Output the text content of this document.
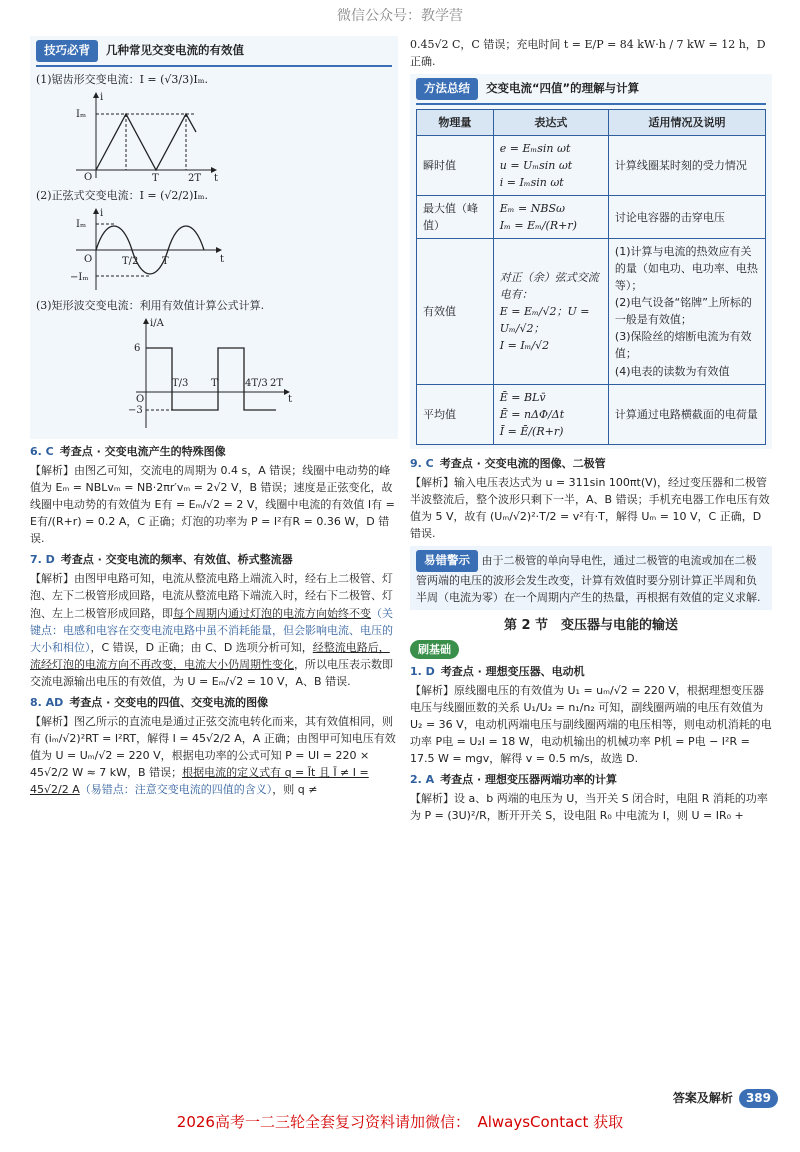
微信公众号：教学营
技巧必背	几种常见交变电流的有效值

(1)锯齿形交变电流：I = (√3/3)Iₘ.

i
Iₘ
O	T	2T t

(2)正弦式交变电流：I = (√2/2)Iₘ.

i
Iₘ
−Iₘ
O	T/2 T	t

(3)矩形波交变电流：利用有效值计算公式计算.

i/A
6
−3
O
T/3 T	4T/3 2T
t

6. C 考查点 · 交变电流产生的特殊图像

【解析】由图乙可知，交流电的周期为 0.4 s，A 错误；线圈中电动势的峰值为 Eₘ = NBLvₘ = NB·2πr′vₘ = 2√2 V，B 错误；速度是正弦变化，故线圈中电动势的有效值为 E有 = Eₘ/√2 = 2 V，线圈中电流的有效值 I有 = E有/(R+r) = 0.2 A，C 正确；灯泡的功率为 P = I²有R = 0.36 W，D 错误.

7. D 考查点 · 交变电流的频率、有效值、桥式整流器

【解析】由图甲电路可知，电流从整流电路上端流入时，经右上二极管、灯泡、左下二极管形成回路，电流从整流电路下端流入时，经右下二极管、灯泡、左上二极管形成回路，即每个周期内通过灯泡的电流方向始终不变（关键点：电感和电容在交变电流电路中虽不消耗能量，但会影响电流、电压的大小和相位），C 错误，D 正确；由 C、D 选项分析可知，经整流电路后，流经灯泡的电流方向不再改变，电流大小仍周期性变化，所以电压表示数即交流电源输出电压的有效值，为 U = Eₘ/√2 = 10 V，A、B 错误.

8. AD 考查点 · 交变电的四值、交变电流的图像

【解析】图乙所示的直流电是通过正弦交流电转化而来，其有效值相同，则有 (iₘ/√2)²RT = I²RT，解得 I = 45√2/2 A，A 正确；由图甲可知电压有效值为 U = Uₘ/√2 = 220 V，根据电功率的公式可知 P = UI = 220 × 45√2/2 W ≈ 7 kW，B 错误；根据电流的定义式有 q = Īt 且 Ī ≠ I = 45√2/2 A（易错点：注意交变电流的四值的含义），则 q ≠

0.45√2 C，C 错误；充电时间 t = E/P = 84 kW·h / 7 kW = 12 h，D 正确.

方法总结	交变电流“四值”的理解与计算
物理量	表达式	适用情况及说明
瞬时值	e = Eₘsin ωt
u = Uₘsin ωt
i = Iₘsin ωt	计算线圈某时刻的受力情况
最大值（峰值）	Eₘ = NBSω
Iₘ = Eₘ/(R+r)	讨论电容器的击穿电压
有效值	对正（余）弦式交流电有：
E = Eₘ/√2；U = Uₘ/√2；
I = Iₘ/√2	(1)计算与电流的热效应有关的量（如电功、电功率、电热等）；
(2)电气设备“铭牌”上所标的一般是有效值；
(3)保险丝的熔断电流为有效值；
(4)电表的读数为有效值
平均值	Ē = BLv̄
Ē = nΔΦ/Δt
Ī = Ē/(R+r)	计算通过电路横截面的电荷量

9. C 考查点 · 交变电流的图像、二极管

【解析】输入电压表达式为 u = 311sin 100πt(V)，经过变压器和二极管半波整流后，整个波形只剩下一半，A、B 错误；手机充电器工作电压有效值为 5 V，故有 (Uₘ/√2)²·T/2 = v²有·T，解得 Uₘ = 10 V，C 正确，D 错误.

易错警示 由于二极管的单向导电性，通过二极管的电流或加在二极管两端的电压的波形会发生改变，计算有效值时要分别计算正半周和负半周（电流为零）在一个周期内产生的热量，再根据有效值的定义求解.
第 2 节　变压器与电能的输送
刷基础

1. D 考查点 · 理想变压器、电动机

【解析】原线圈电压的有效值为 U₁ = uₘ/√2 = 220 V，根据理想变压器电压与线圈匝数的关系 U₁/U₂ = n₁/n₂ 可知，副线圈两端的电压有效值为 U₂ = 36 V，电动机两端电压与副线圈两端的电压相等，则电动机消耗的电功率 P电 = U₂I = 18 W，电动机输出的机械功率 P机 = P电 − I²R = 17.5 W = mgv，解得 v = 0.5 m/s，故选 D.

2. A 考查点 · 理想变压器两端功率的计算

【解析】设 a、b 两端的电压为 U，当开关 S 闭合时，电阻 R 消耗的功率为 P = (3U)²/R，断开开关 S，设电阻 R₀ 中电流为 I，则 U = IR₀ +

答案及解析	389
2026高考一二三轮全套复习资料请加微信：　AlwaysContact 获取
